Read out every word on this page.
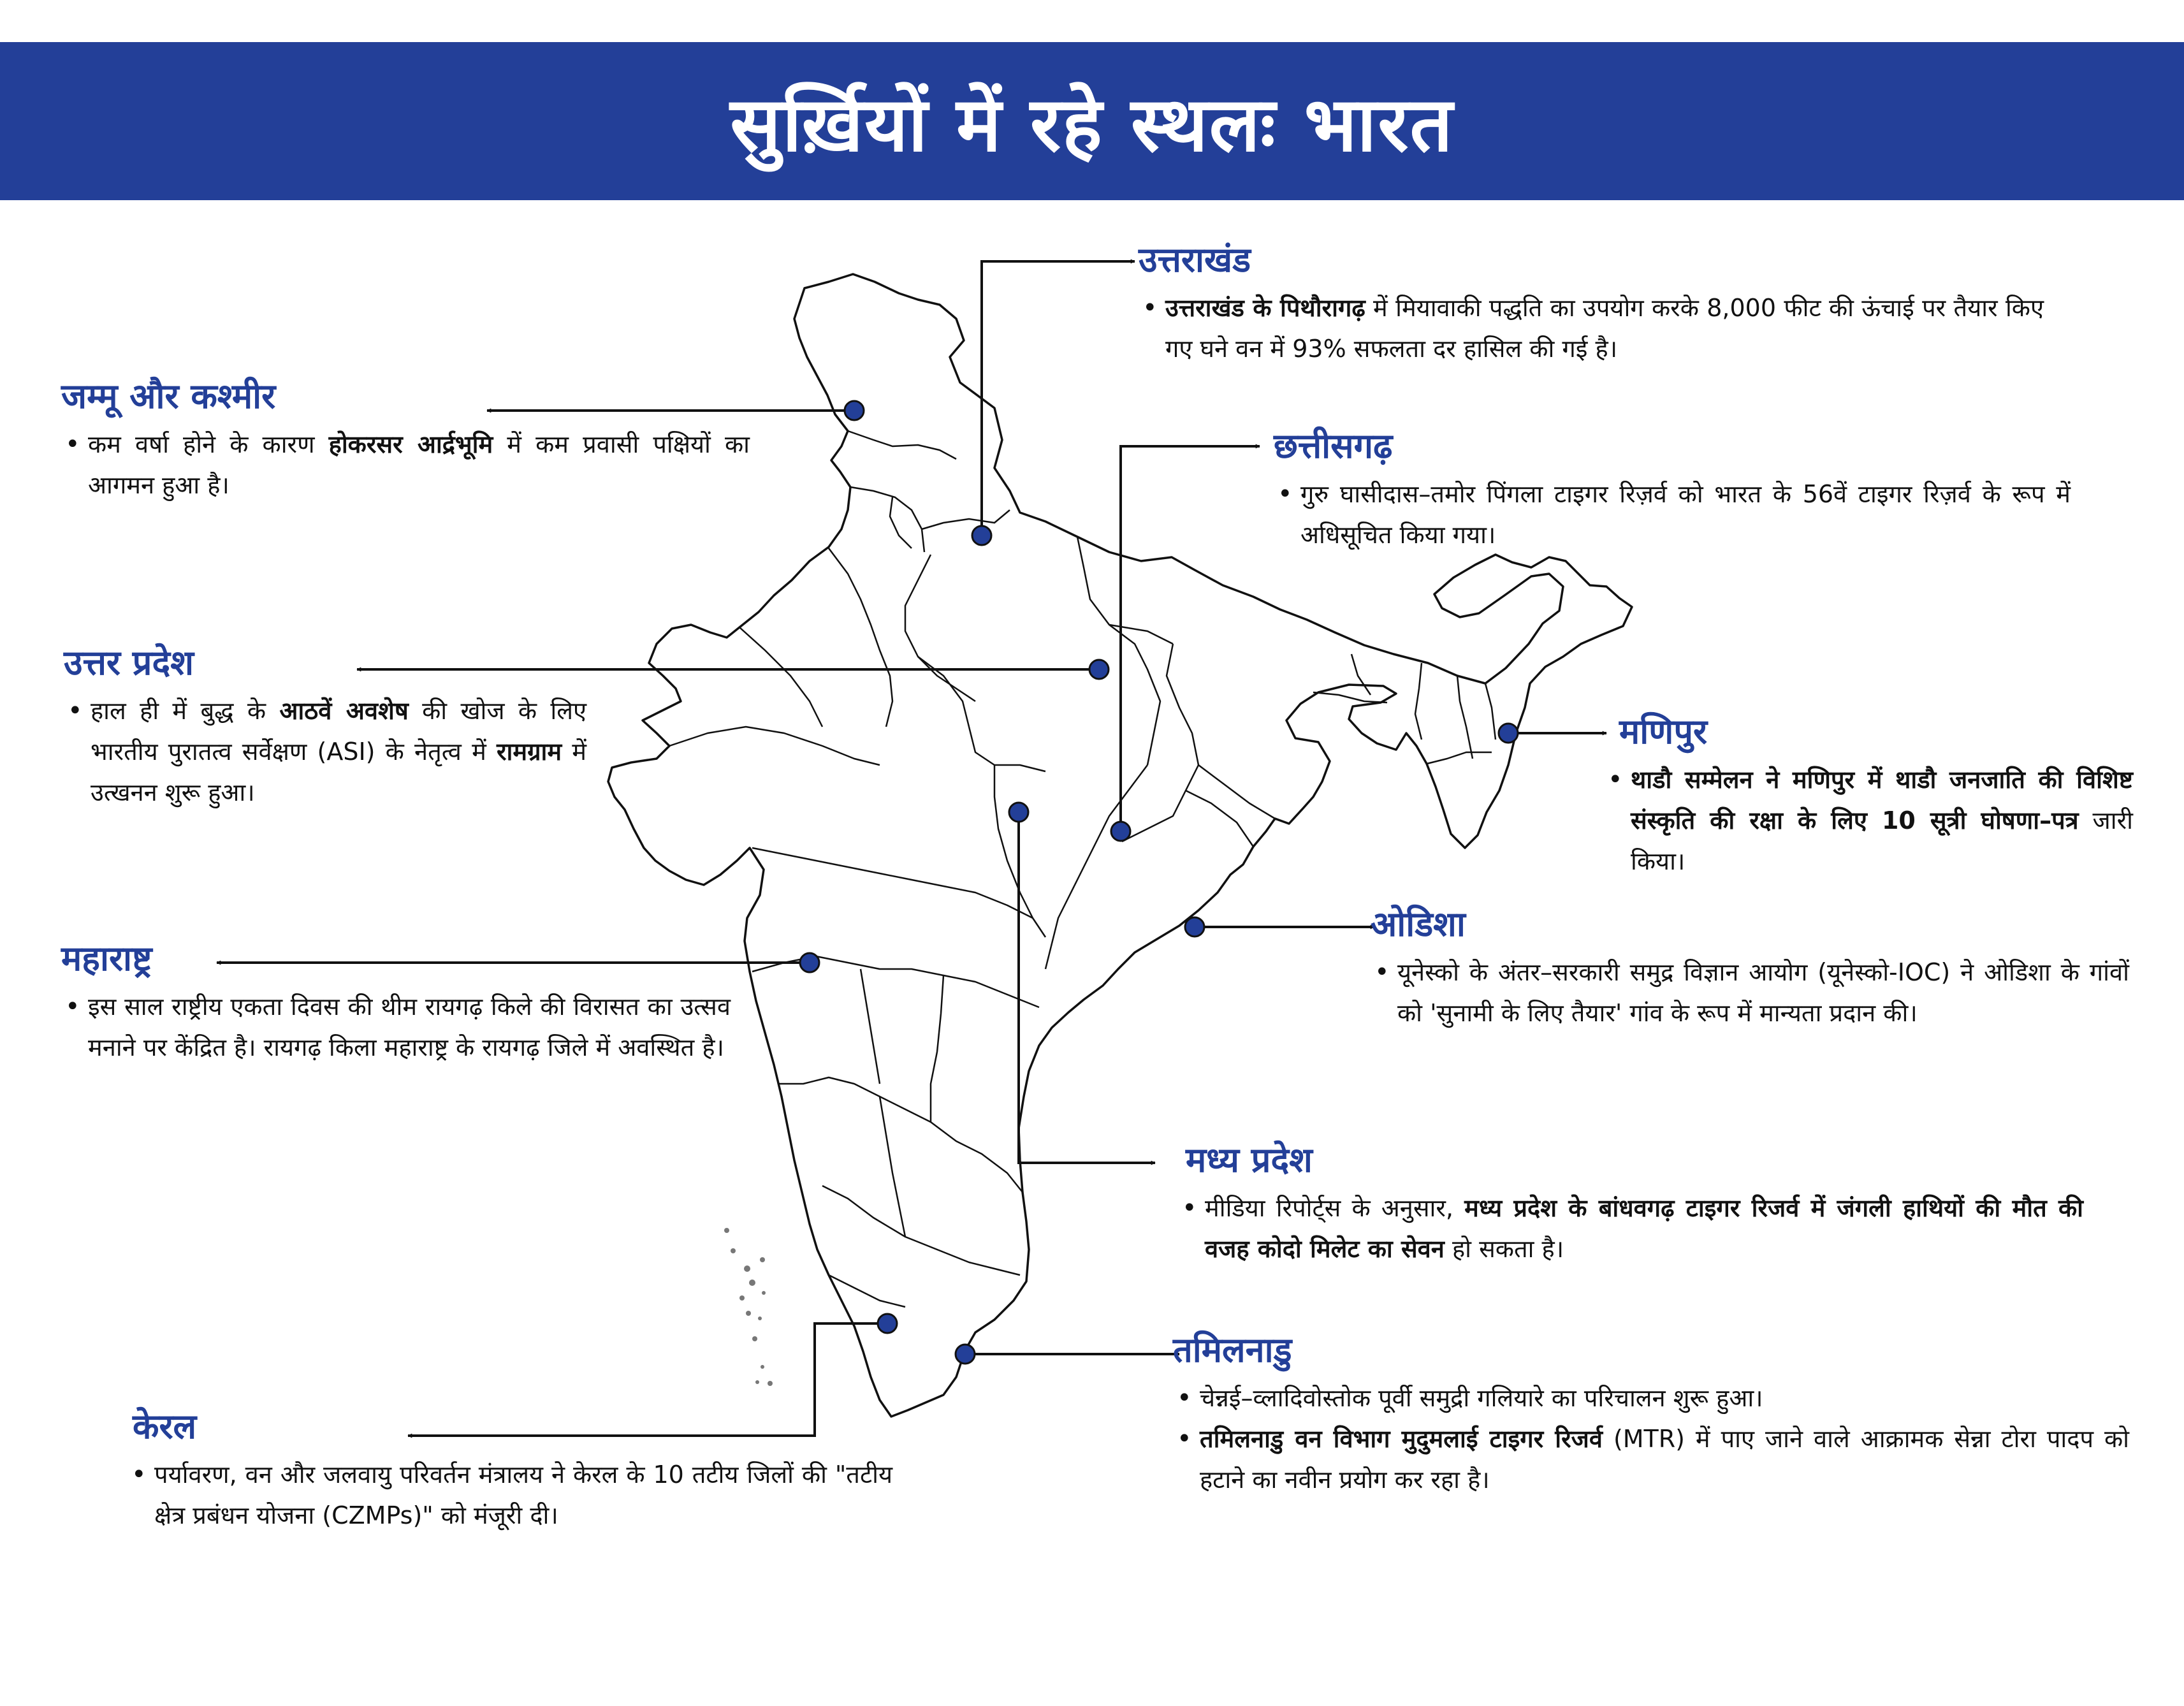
सुर्ख़ियों में रहे स्थलः भारत
उत्तराखंड
• उत्तराखंड के पिथौरागढ़ में मियावाकी पद्धति का उपयोग करके 8,000 फीट की ऊंचाई पर तैयार किए गए घने वन में 93% सफलता दर हासिल की गई है।
जम्मू और कश्मीर
• कम वर्षा होने के कारण होकरसर आर्द्रभूमि में कम प्रवासी पक्षियों का आगमन हुआ है।
छत्तीसगढ़
• गुरु घासीदास–तमोर पिंगला टाइगर रिज़र्व को भारत के 56वें टाइगर रिज़र्व के रूप में अधिसूचित किया गया।
उत्तर प्रदेश
• हाल ही में बुद्ध के आठवें अवशेष की खोज के लिए भारतीय पुरातत्व सर्वेक्षण (ASI) के नेतृत्व में रामग्राम में उत्खनन शुरू हुआ।
मणिपुर
• थाडौ सम्मेलन ने मणिपुर में थाडौ जनजाति की विशिष्ट संस्कृति की रक्षा के लिए 10 सूत्री घोषणा–पत्र जारी किया।
ओडिशा
• यूनेस्को के अंतर–सरकारी समुद्र विज्ञान आयोग (यूनेस्को-IOC) ने ओडिशा के गांवों को 'सुनामी के लिए तैयार' गांव के रूप में मान्यता प्रदान की।
महाराष्ट्र
• इस साल राष्ट्रीय एकता दिवस की थीम रायगढ़ किले की विरासत का उत्सव मनाने पर केंद्रित है। रायगढ़ किला महाराष्ट्र के रायगढ़ जिले में अवस्थित है।
मध्य प्रदेश
• मीडिया रिपोर्ट्स के अनुसार, मध्य प्रदेश के बांधवगढ़ टाइगर रिजर्व में जंगली हाथियों की मौत की वजह कोदो मिलेट का सेवन हो सकता है।
तमिलनाडु
• चेन्नई–व्लादिवोस्तोक पूर्वी समुद्री गलियारे का परिचालन शुरू हुआ।
• तमिलनाडु वन विभाग मुदुमलाई टाइगर रिजर्व (MTR) में पाए जाने वाले आक्रामक सेन्ना टोरा पादप को हटाने का नवीन प्रयोग कर रहा है।
केरल
• पर्यावरण, वन और जलवायु परिवर्तन मंत्रालय ने केरल के 10 तटीय जिलों की "तटीय क्षेत्र प्रबंधन योजना (CZMPs)" को मंजूरी दी।
